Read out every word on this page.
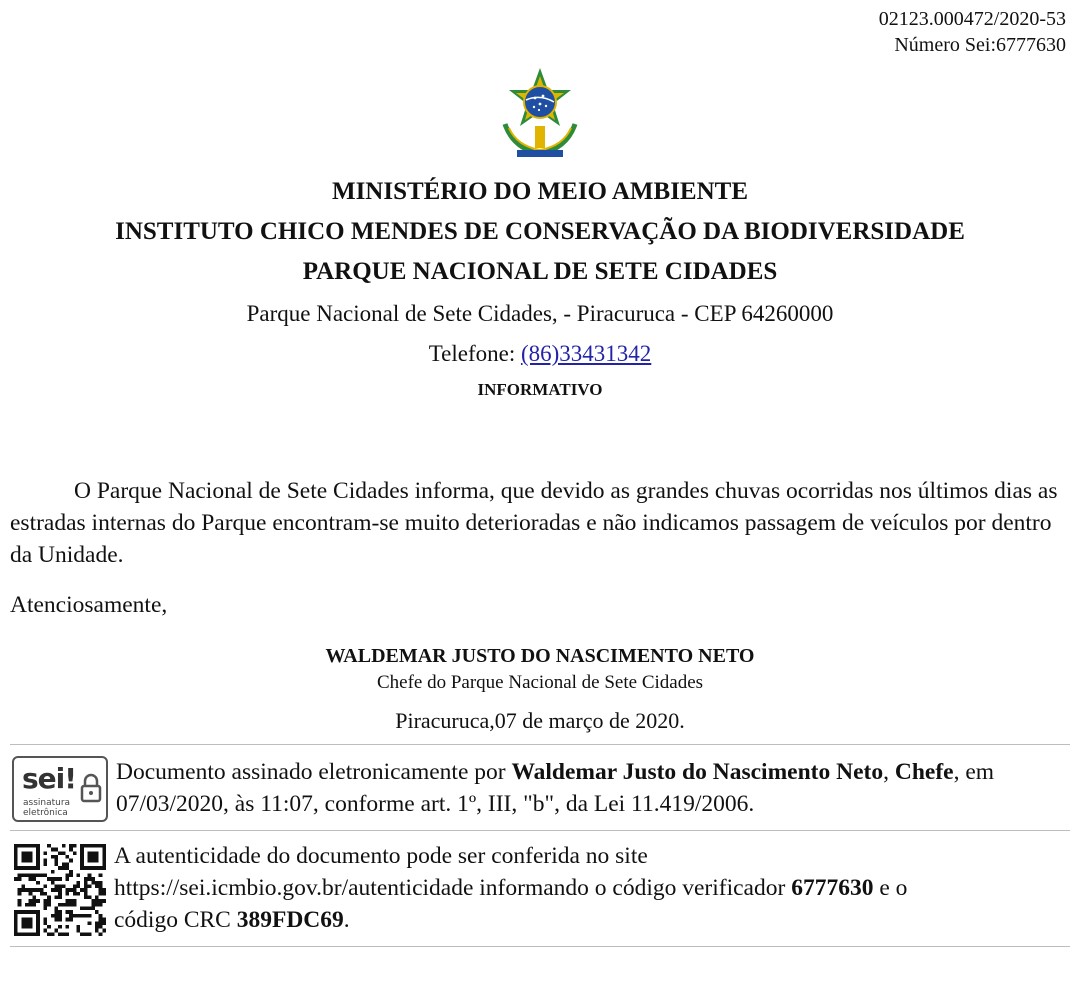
02123.000472/2020-53
Número Sei:6777630
MINISTÉRIO DO MEIO AMBIENTE
INSTITUTO CHICO MENDES DE CONSERVAÇÃO DA BIODIVERSIDADE
PARQUE NACIONAL DE SETE CIDADES
Parque Nacional de Sete Cidades, - Piracuruca - CEP 64260000
Telefone: (86)33431342
INFORMATIVO
O Parque Nacional de Sete Cidades informa, que devido as grandes chuvas ocorridas nos últimos dias as estradas internas do Parque encontram-se muito deterioradas e não indicamos passagem de veículos por dentro da Unidade.
Atenciosamente,
WALDEMAR JUSTO DO NASCIMENTO NETO
Chefe do Parque Nacional de Sete Cidades
Piracuruca,07 de março de 2020.
sei!
assinatura
eletrônica
Documento assinado eletronicamente por Waldemar Justo do Nascimento Neto, Chefe, em 07/03/2020, às 11:07, conforme art. 1º, III, "b", da Lei 11.419/2006.
A autenticidade do documento pode ser conferida no site
https://sei.icmbio.gov.br/autenticidade informando o código verificador 6777630 e o
código CRC 389FDC69.
